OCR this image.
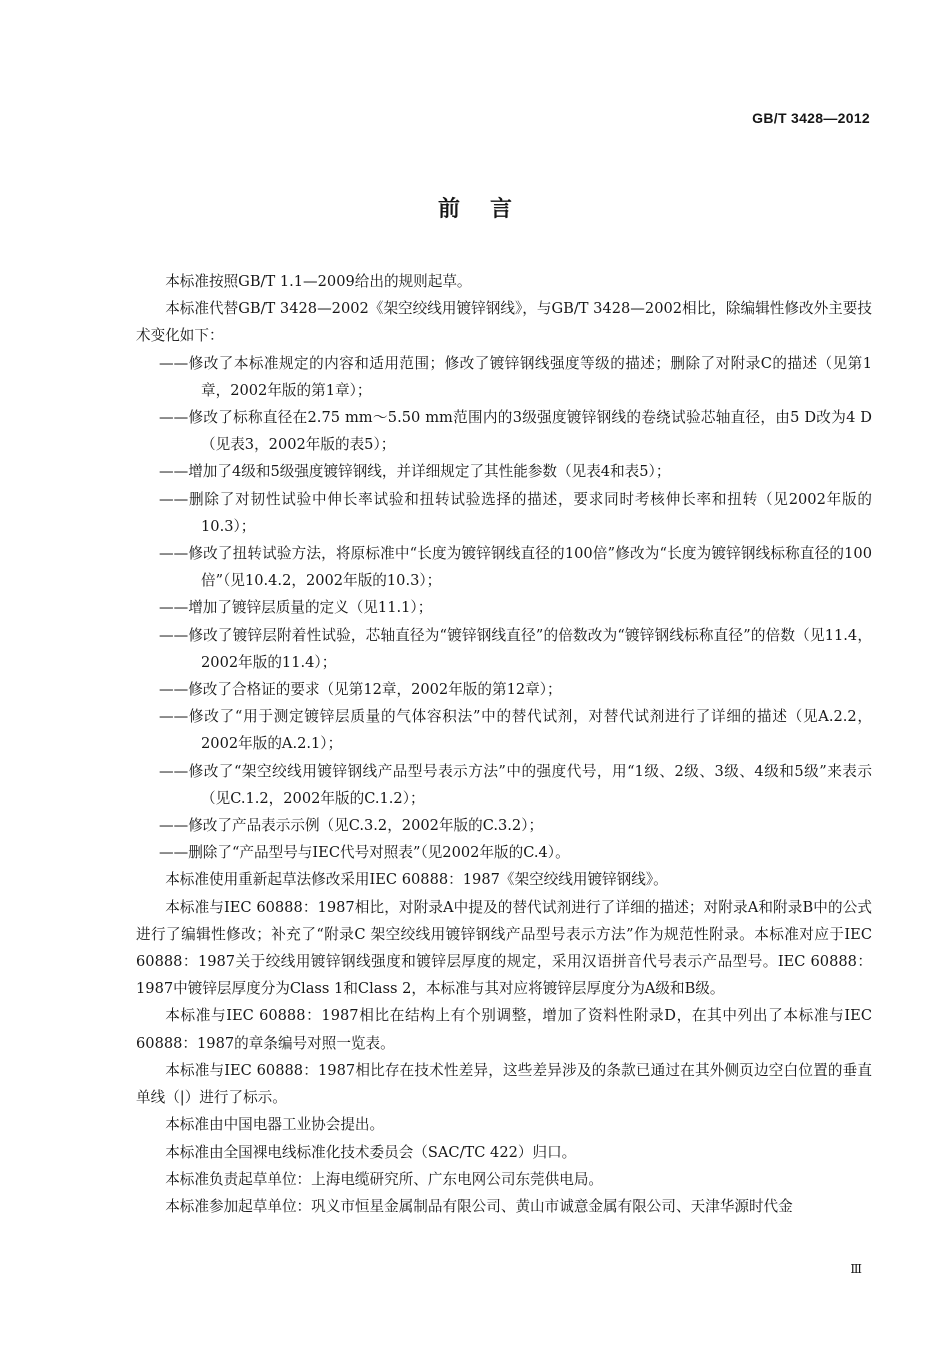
GB/T 3428—2012
前言

本标准按照GB/T 1.1—2009给出的规则起草。

本标准代替GB/T 3428—2002《架空绞线用镀锌钢线》，与GB/T 3428—2002相比，除编辑性修改外主要技术变化如下：

——修改了本标准规定的内容和适用范围；修改了镀锌钢线强度等级的描述；删除了对附录C的描述（见第1章，2002年版的第1章）；

——修改了标称直径在2.75 mm～5.50 mm范围内的3级强度镀锌钢线的卷绕试验芯轴直径，由5 D改为4 D（见表3，2002年版的表5）；

——增加了4级和5级强度镀锌钢线，并详细规定了其性能参数（见表4和表5）；

——删除了对韧性试验中伸长率试验和扭转试验选择的描述，要求同时考核伸长率和扭转（见2002年版的10.3）；

——修改了扭转试验方法，将原标准中“长度为镀锌钢线直径的100倍”修改为“长度为镀锌钢线标称直径的100倍”（见10.4.2，2002年版的10.3）；

——增加了镀锌层质量的定义（见11.1）；

——修改了镀锌层附着性试验，芯轴直径为“镀锌钢线直径”的倍数改为“镀锌钢线标称直径”的倍数（见11.4，2002年版的11.4）；

——修改了合格证的要求（见第12章，2002年版的第12章）；

——修改了“用于测定镀锌层质量的气体容积法”中的替代试剂，对替代试剂进行了详细的描述（见A.2.2，2002年版的A.2.1）；

——修改了“架空绞线用镀锌钢线产品型号表示方法”中的强度代号，用“1级、2级、3级、4级和5级”来表示（见C.1.2，2002年版的C.1.2）；

——修改了产品表示示例（见C.3.2，2002年版的C.3.2）；

——删除了“产品型号与IEC代号对照表”（见2002年版的C.4）。

本标准使用重新起草法修改采用IEC 60888：1987《架空绞线用镀锌钢线》。

本标准与IEC 60888：1987相比，对附录A中提及的替代试剂进行了详细的描述；对附录A和附录B中的公式进行了编辑性修改；补充了“附录C 架空绞线用镀锌钢线产品型号表示方法”作为规范性附录。本标准对应于IEC 60888：1987关于绞线用镀锌钢线强度和镀锌层厚度的规定，采用汉语拼音代号表示产品型号。IEC 60888：1987中镀锌层厚度分为Class 1和Class 2，本标准与其对应将镀锌层厚度分为A级和B级。

本标准与IEC 60888：1987相比在结构上有个别调整，增加了资料性附录D，在其中列出了本标准与IEC 60888：1987的章条编号对照一览表。

本标准与IEC 60888：1987相比存在技术性差异，这些差异涉及的条款已通过在其外侧页边空白位置的垂直单线（|）进行了标示。

本标准由中国电器工业协会提出。

本标准由全国裸电线标准化技术委员会（SAC/TC 422）归口。

本标准负责起草单位：上海电缆研究所、广东电网公司东莞供电局。

本标准参加起草单位：巩义市恒星金属制品有限公司、黄山市诚意金属有限公司、天津华源时代金

Ⅲ
